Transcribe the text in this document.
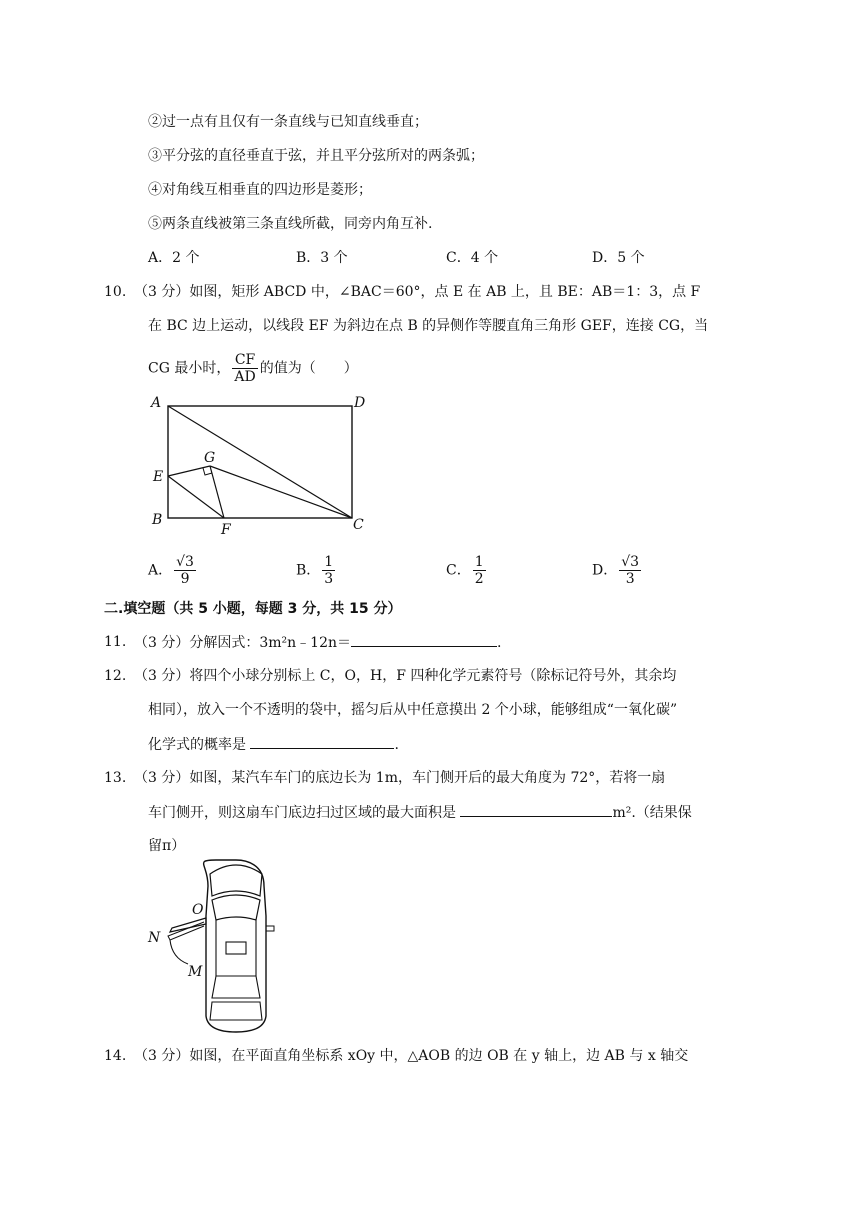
②过一点有且仅有一条直线与已知直线垂直；
③平分弦的直径垂直于弦，并且平分弦所对的两条弧；
④对角线互相垂直的四边形是菱形；
⑤两条直线被第三条直线所截，同旁内角互补.
A．2 个	B．3 个	C．4 个	D．5 个
10. （3 分）如图，矩形 ABCD 中，∠BAC＝60°，点 E 在 AB 上，且 BE：AB＝1：3，点 F
在 BC 边上运动，以线段 EF 为斜边在点 B 的异侧作等腰直角三角形 GEF，连接 CG，当
CG 最小时， $\frac{CF}{AD}$ 的值为（　　）
A	D
E
G
B
F	C
A． $\frac{√3}{9}$	B． $\frac{1}{3}$	C． $\frac{1}{2}$	D． $\frac{√3}{3}$
二.填空题（共 5 小题，每题 3 分，共 15 分）
11. （3 分）分解因式：3m²n﹣12n＝	.
12. （3 分）将四个小球分别标上 C，O，H，F 四种化学元素符号（除标记符号外，其余均
相同），放入一个不透明的袋中，摇匀后从中任意摸出 2 个小球，能够组成“一氧化碳”
化学式的概率是	.
13. （3 分）如图，某汽车车门的底边长为 1m，车门侧开后的最大角度为 72°，若将一扇
车门侧开，则这扇车门底边扫过区域的最大面积是	m².（结果保
留π）
O
N
M
14. （3 分）如图，在平面直角坐标系 xOy 中，△AOB 的边 OB 在 y 轴上，边 AB 与 x 轴交
